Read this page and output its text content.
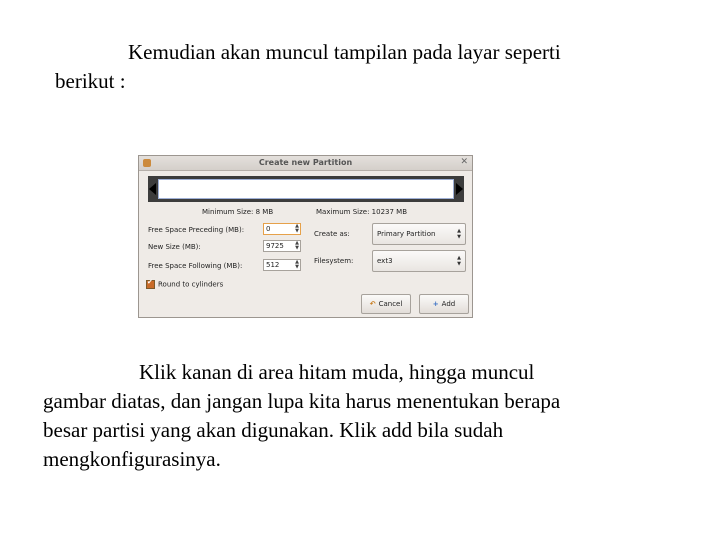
Kemudian akan muncul tampilan pada layar seperti
berikut :

Create new Partition	✕
Minimum Size: 8 MB	Maximum Size: 10237 MB
Free Space Preceding (MB):	0	▲
▼
New Size (MB):	9725 ▲
▼
Free Space Following (MB):	512	▲
▼
Create as:	Primary Partition	▲
▼
Filesystem:	ext3	▲
▼
✔Round to cylinders
↶ Cancel	+ Add

Klik kanan di area hitam muda, hingga muncul
gambar diatas, dan jangan lupa kita harus menentukan berapa
besar partisi yang akan digunakan. Klik add bila sudah
mengkonfigurasinya.
